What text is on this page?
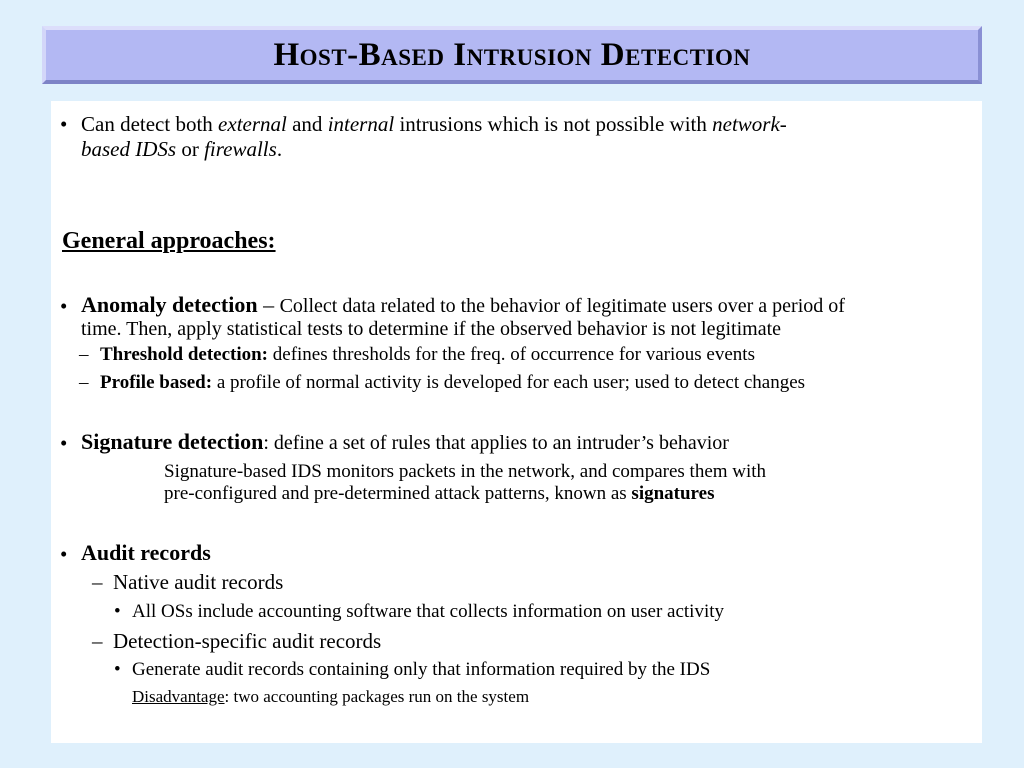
Host-Based Intrusion Detection
• Can detect both external and internal intrusions which is not possible with network-
based IDSs or firewalls.
General approaches:
• Anomaly detection – Collect data related to the behavior of legitimate users over a period of
time. Then, apply statistical tests to determine if the observed behavior is not legitimate
– Threshold detection: defines thresholds for the freq. of occurrence for various events
– Profile based: a profile of normal activity is developed for each user; used to detect changes
• Signature detection: define a set of rules that applies to an intruder’s behavior
Signature-based IDS monitors packets in the network, and compares them with
pre-configured and pre-determined attack patterns, known as signatures
• Audit records
– Native audit records
• All OSs include accounting software that collects information on user activity
– Detection-specific audit records
• Generate audit records containing only that information required by the IDS
Disadvantage: two accounting packages run on the system
